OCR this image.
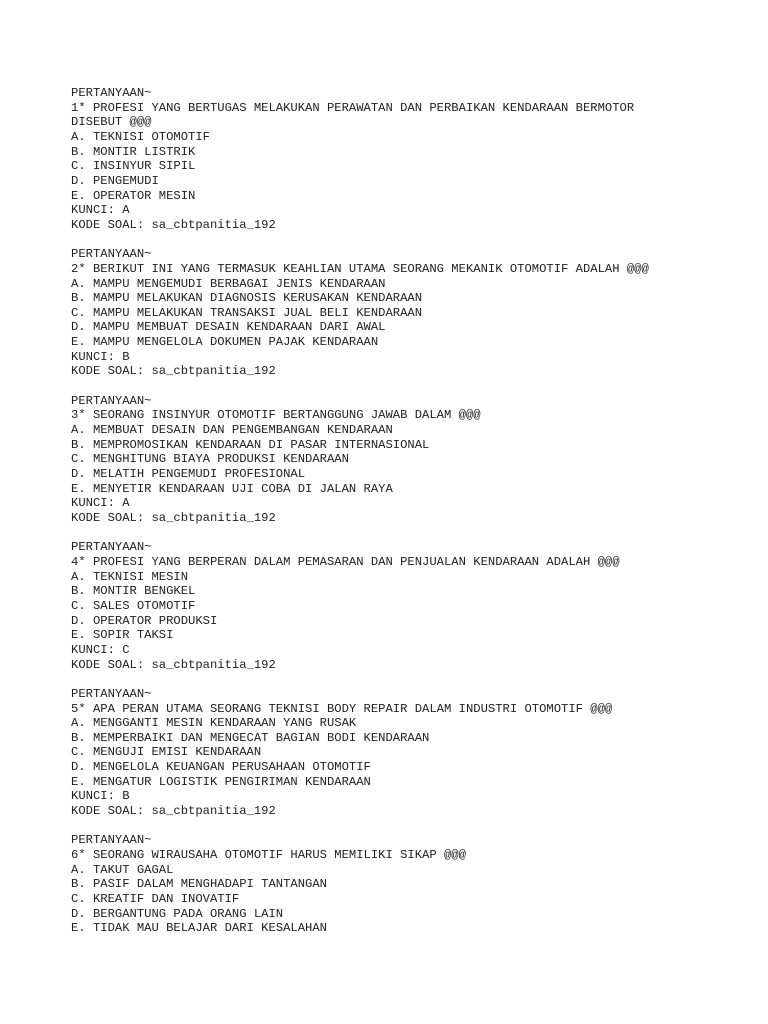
PERTANYAAN~
1* PROFESI YANG BERTUGAS MELAKUKAN PERAWATAN DAN PERBAIKAN KENDARAAN BERMOTOR DISEBUT @@@
A. TEKNISI OTOMOTIF
B. MONTIR LISTRIK
C. INSINYUR SIPIL
D. PENGEMUDI
E. OPERATOR MESIN
KUNCI: A
KODE SOAL: sa_cbtpanitia_192
PERTANYAAN~
2* BERIKUT INI YANG TERMASUK KEAHLIAN UTAMA SEORANG MEKANIK OTOMOTIF ADALAH @@@
A. MAMPU MENGEMUDI BERBAGAI JENIS KENDARAAN
B. MAMPU MELAKUKAN DIAGNOSIS KERUSAKAN KENDARAAN
C. MAMPU MELAKUKAN TRANSAKSI JUAL BELI KENDARAAN
D. MAMPU MEMBUAT DESAIN KENDARAAN DARI AWAL
E. MAMPU MENGELOLA DOKUMEN PAJAK KENDARAAN
KUNCI: B
KODE SOAL: sa_cbtpanitia_192
PERTANYAAN~
3* SEORANG INSINYUR OTOMOTIF BERTANGGUNG JAWAB DALAM @@@
A. MEMBUAT DESAIN DAN PENGEMBANGAN KENDARAAN
B. MEMPROMOSIKAN KENDARAAN DI PASAR INTERNASIONAL
C. MENGHITUNG BIAYA PRODUKSI KENDARAAN
D. MELATIH PENGEMUDI PROFESIONAL
E. MENYETIR KENDARAAN UJI COBA DI JALAN RAYA
KUNCI: A
KODE SOAL: sa_cbtpanitia_192
PERTANYAAN~
4* PROFESI YANG BERPERAN DALAM PEMASARAN DAN PENJUALAN KENDARAAN ADALAH @@@
A. TEKNISI MESIN
B. MONTIR BENGKEL
C. SALES OTOMOTIF
D. OPERATOR PRODUKSI
E. SOPIR TAKSI
KUNCI: C
KODE SOAL: sa_cbtpanitia_192
PERTANYAAN~
5* APA PERAN UTAMA SEORANG TEKNISI BODY REPAIR DALAM INDUSTRI OTOMOTIF @@@
A. MENGGANTI MESIN KENDARAAN YANG RUSAK
B. MEMPERBAIKI DAN MENGECAT BAGIAN BODI KENDARAAN
C. MENGUJI EMISI KENDARAAN
D. MENGELOLA KEUANGAN PERUSAHAAN OTOMOTIF
E. MENGATUR LOGISTIK PENGIRIMAN KENDARAAN
KUNCI: B
KODE SOAL: sa_cbtpanitia_192
PERTANYAAN~
6* SEORANG WIRAUSAHA OTOMOTIF HARUS MEMILIKI SIKAP @@@
A. TAKUT GAGAL
B. PASIF DALAM MENGHADAPI TANTANGAN
C. KREATIF DAN INOVATIF
D. BERGANTUNG PADA ORANG LAIN
E. TIDAK MAU BELAJAR DARI KESALAHAN
